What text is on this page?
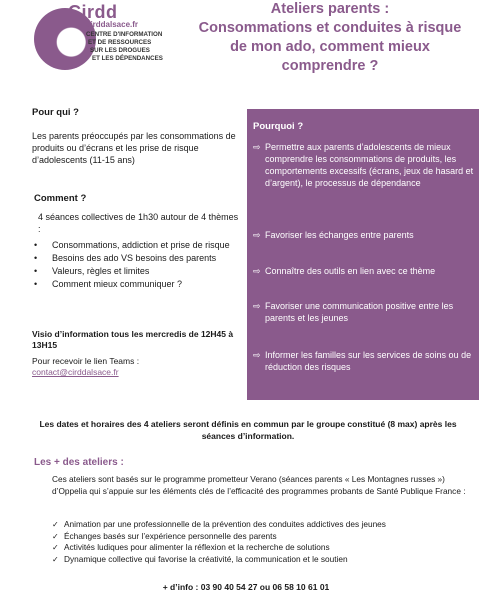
Cirdd
cirddalsace.fr
CENTRE D'INFORMATION
ET DE RESSOURCES
SUR LES DROGUES
ET LES DÉPENDANCES
Ateliers parents :
Consommations et conduites à risque
de mon ado, comment mieux
comprendre ?
Pour qui ?
Les parents préoccupés par les consommations de produits ou d’écrans et les prise de risque d’adolescents (11-15 ans)
Comment ?
4 séances collectives de 1h30 autour de 4 thèmes :
• Consommations, addiction et prise de risque
• Besoins des ado VS besoins des parents
• Valeurs, règles et limites
• Comment mieux communiquer ?
Visio d’information tous les mercredis de 12H45 à 13H15
Pour recevoir le lien Teams :
contact@cirddalsace.fr
Pourquoi ?
⇨ Permettre aux parents d’adolescents de mieux comprendre les consommations de produits, les comportements excessifs (écrans, jeux de hasard et d’argent), le processus de dépendance
⇨ Favoriser les échanges entre parents
⇨ Connaître des outils en lien avec ce thème
⇨ Favoriser une communication positive entre les parents et les jeunes
⇨ Informer les familles sur les services de soins ou de réduction des risques
Les dates et horaires des 4 ateliers seront définis en commun par le groupe constitué (8 max) après les séances d’information.
Les + des ateliers :
Ces ateliers sont basés sur le programme prometteur Verano (séances parents « Les Montagnes russes ») d’Oppelia qui s’appuie sur les éléments clés de l’efficacité des programmes probants de Santé Publique France :
✓ Animation par une professionnelle de la prévention des conduites addictives des jeunes
✓ Échanges basés sur l’expérience personnelle des parents
✓ Activités ludiques pour alimenter la réflexion et la recherche de solutions
✓ Dynamique collective qui favorise la créativité, la communication et le soutien
+ d’info : 03 90 40 54 27 ou 06 58 10 61 01
